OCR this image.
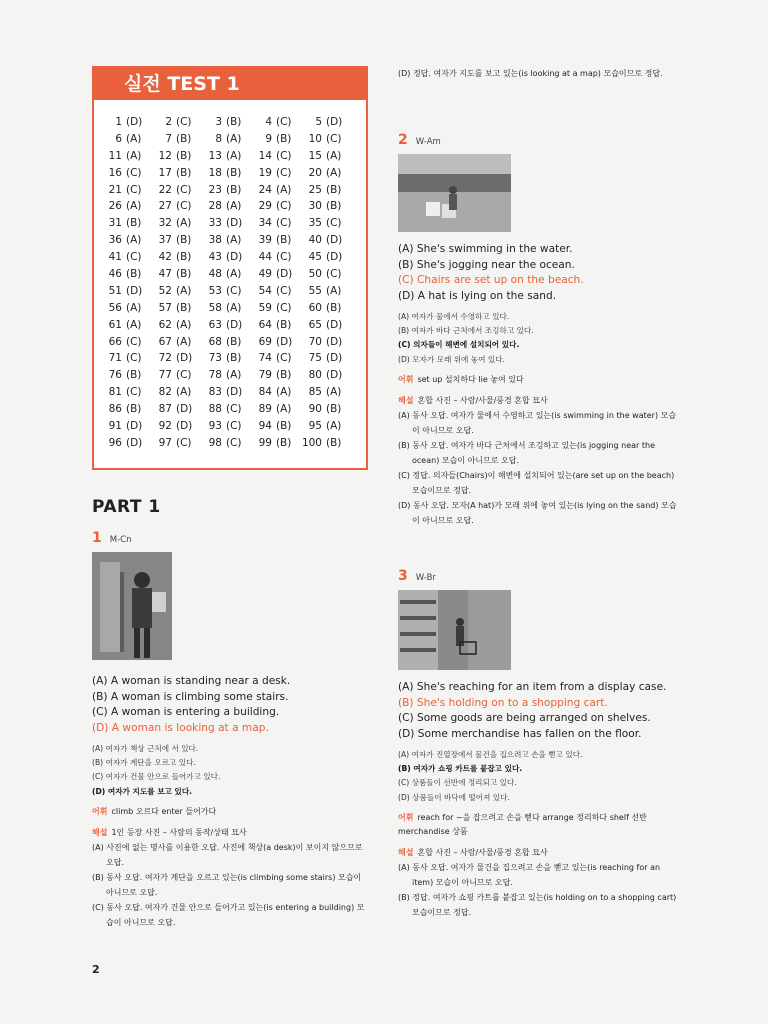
실전 TEST 1
1 (D)	2 (C)	3 (B)	4 (C)	5 (D)
6 (A)	7 (B)	8 (A)	9 (B)	10 (C)
11 (A)	12 (B)	13 (A)	14 (C)	15 (A)
16 (C)	17 (B)	18 (B)	19 (C)	20 (A)
21 (C)	22 (C)	23 (B)	24 (A)	25 (B)
26 (A)	27 (C)	28 (A)	29 (C)	30 (B)
31 (B)	32 (A)	33 (D)	34 (C)	35 (C)
36 (A)	37 (B)	38 (A)	39 (B)	40 (D)
41 (C)	42 (B)	43 (D)	44 (C)	45 (D)
46 (B)	47 (B)	48 (A)	49 (D)	50 (C)
51 (D)	52 (A)	53 (C)	54 (C)	55 (A)
56 (A)	57 (B)	58 (A)	59 (C)	60 (B)
61 (A)	62 (A)	63 (D)	64 (B)	65 (D)
66 (C)	67 (A)	68 (B)	69 (D)	70 (D)
71 (C)	72 (D)	73 (B)	74 (C)	75 (D)
76 (B)	77 (C)	78 (A)	79 (B)	80 (D)
81 (C)	82 (A)	83 (D)	84 (A)	85 (A)
86 (B)	87 (D)	88 (C)	89 (A)	90 (B)
91 (D)	92 (D)	93 (C)	94 (B)	95 (A)
96 (D)	97 (C)	98 (C)	99 (B)	100 (B)
PART 1
1 M-Cn
(A) A woman is standing near a desk.
(B) A woman is climbing some stairs.
(C) A woman is entering a building.
(D) A woman is looking at a map.
(A) 여자가 책상 근처에 서 있다.
(B) 여자가 계단을 오르고 있다.
(C) 여자가 건물 안으로 들어가고 있다.
(D) 여자가 지도를 보고 있다.
어휘 climb 오르다 enter 들어가다
해설 1인 등장 사진 – 사람의 동작/상태 묘사
(A) 사진에 없는 명사를 이용한 오답. 사진에 책상(a desk)이 보이지 않으므로 오답.
(B) 동사 오답. 여자가 계단을 오르고 있는(is climbing some stairs) 모습이 아니므로 오답.
(C) 동사 오답. 여자가 건물 안으로 들어가고 있는(is entering a building) 모습이 아니므로 오답.
(D) 정답. 여자가 지도를 보고 있는(is looking at a map) 모습이므로 정답.
2 W-Am
(A) She's swimming in the water.
(B) She's jogging near the ocean.
(C) Chairs are set up on the beach.
(D) A hat is lying on the sand.
(A) 여자가 물에서 수영하고 있다.
(B) 여자가 바다 근처에서 조깅하고 있다.
(C) 의자들이 해변에 설치되어 있다.
(D) 모자가 모래 위에 놓여 있다.
어휘 set up 설치하다 lie 놓여 있다
해설 혼합 사진 – 사람/사물/풍경 혼합 묘사
(A) 동사 오답. 여자가 물에서 수영하고 있는(is swimming in the water) 모습이 아니므로 오답.
(B) 동사 오답. 여자가 바다 근처에서 조깅하고 있는(is jogging near the ocean) 모습이 아니므로 오답.
(C) 정답. 의자들(Chairs)이 해변에 설치되어 있는(are set up on the beach) 모습이므로 정답.
(D) 동사 오답. 모자(A hat)가 모래 위에 놓여 있는(is lying on the sand) 모습이 아니므로 오답.
3 W-Br
(A) She's reaching for an item from a display case.
(B) She's holding on to a shopping cart.
(C) Some goods are being arranged on shelves.
(D) Some merchandise has fallen on the floor.
(A) 여자가 진열장에서 물건을 집으려고 손을 뻗고 있다.
(B) 여자가 쇼핑 카트를 붙잡고 있다.
(C) 상품들이 선반에 정리되고 있다.
(D) 상품들이 바닥에 떨어져 있다.
어휘 reach for ~을 잡으려고 손을 뻗다 arrange 정리하다 shelf 선반 merchandise 상품
해설 혼합 사진 – 사람/사물/풍경 혼합 묘사
(A) 동사 오답. 여자가 물건을 집으려고 손을 뻗고 있는(is reaching for an item) 모습이 아니므로 오답.
(B) 정답. 여자가 쇼핑 카트를 붙잡고 있는(is holding on to a shopping cart) 모습이므로 정답.
2
